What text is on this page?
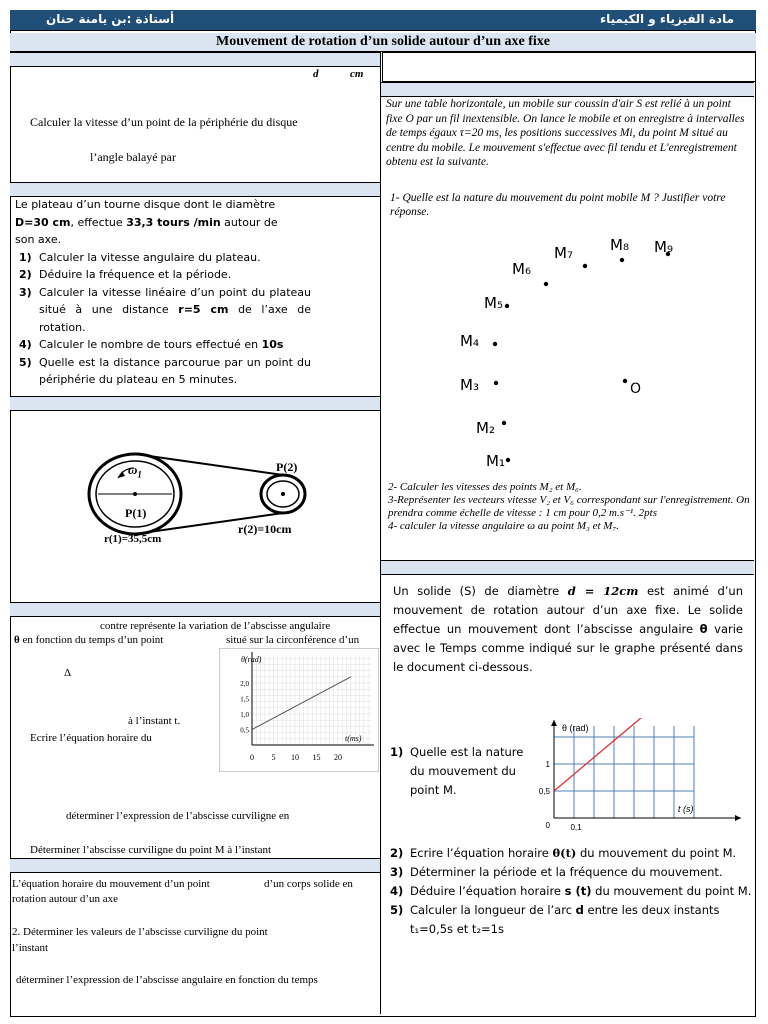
مادة الفيزياء و الكيمياء
أستاذة :بن يامنة حنان
Mouvement de rotation d’un solide autour d’un axe fixe
d	cm
Calculer la vitesse d’un point de la périphérie du disque
l’angle balayé par

Le plateau d’un tourne disque dont le diamètre

D=30 cm, effectue 33,3 tours /min autour de

son axe.

1) Calculer la vitesse angulaire du plateau.
2) Déduire la fréquence et la période.
3) Calculer la vitesse linéaire d’un point du plateau situé à une distance r=5 cm de l’axe de rotation.
4) Calculer le nombre de tours effectué en 10s
5) Quelle est la distance parcourue par un point du périphérie du plateau en 5 minutes.
$\omega_1$
P(1)
P(2)
r(1)=35,5cm
r(2)=10cm
contre représente la variation de l’abscisse angulaire
θ en fonction du temps d’un point	situé sur la circonférence d’un
Δ
à l’instant t.
Ecrire l’équation horaire du
déterminer l’expression de l’abscisse curviligne en
Déterminer l’abscisse curviligne du point M à l’instant
5 10 15 20
0,5
1,0
1,5
2,0
0
θ(rad)
t(ms)
L’équation horaire du mouvement d’un point	d’un corps solide en
rotation autour d’un axe
2. Déterminer les valeurs de l’abscisse curviligne du point
l’instant
déterminer l’expression de l’abscisse angulaire en fonction du temps
Sur une table horizontale, un mobile sur coussin d'air S est relié à un point fixe O par un fil inextensible. On lance le mobile et on enregistre à intervalles de temps égaux τ=20 ms, les positions successives Mi, du point M situé au centre du mobile. Le mouvement s'effectue avec fil tendu et L'enregistrement obtenu est la suivante.
1- Quelle est la nature du mouvement du point mobile M ? Justifier votre réponse.
M₁
M₂
M₃
M₄
M₅
M₆
M₇ M₈ M₉
O

2- Calculer les vitesses des points M₂ et M₆.

3-Représenter les vecteurs vitesse V₂ et V₆ correspondant sur l'enregistrement. On prendra comme échelle de vitesse : 1 cm pour 0,2 m.s⁻¹. 2pts

4- calculer la vitesse angulaire ω au point M₃ et M₇.

Un solide (S) de diamètre d = 12cm est animé d’un mouvement de rotation autour d’un axe fixe. Le solide effectue un mouvement dont l’abscisse angulaire θ varie avec le Temps comme indiqué sur le graphe présenté dans le document ci-dessous.
θ (rad)
t (s)
0,5
1
0	0,1
1) Quelle est la nature du mouvement du point M.
2) Ecrire l’équation horaire θ(t) du mouvement du point M.
3) Déterminer la période et la fréquence du mouvement.
4) Déduire l’équation horaire s (t) du mouvement du point M.
5) Calculer la longueur de l’arc d entre les deux instants t₁=0,5s et t₂=1s
